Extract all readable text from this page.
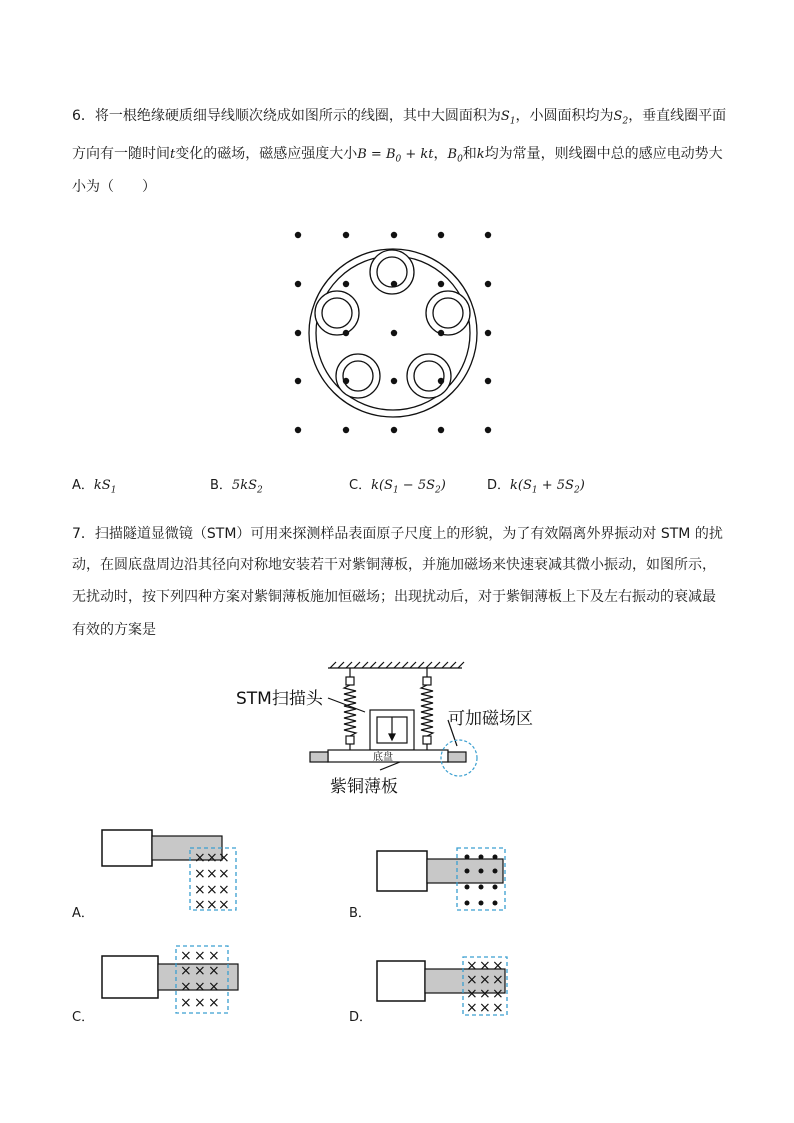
6．将一根绝缘硬质细导线顺次绕成如图所示的线圈，其中大圆面积为$S_1$，小圆面积均为$S_2$，垂直线圈平面
方向有一随时间t变化的磁场，磁感应强度大小$B = B_0$ + kt，$B_0$和k均为常量，则线圈中总的感应电动势大
小为（　　）
A．$kS_1$	B．$5kS_2$	C．$k(S_1 - 5S_2)$	D．$k(S_1 + 5S_2)$
7．扫描隧道显微镜（STM）可用来探测样品表面原子尺度上的形貌，为了有效隔离外界振动对 STM 的扰
动，在圆底盘周边沿其径向对称地安装若干对紫铜薄板，并施加磁场来快速衰减其微小振动，如图所示，
无扰动时，按下列四种方案对紫铜薄板施加恒磁场；出现扰动后，对于紫铜薄板上下及左右振动的衰减最
有效的方案是
STM扫描头
可加磁场区
底盘
紫铜薄板
× × ×
× × ×
× × ×
× × ×
A．	B．
× × ×
× × ×
× × ×
× × ×
C．
× × ×
× × ×
× × ×
× × ×
D．
